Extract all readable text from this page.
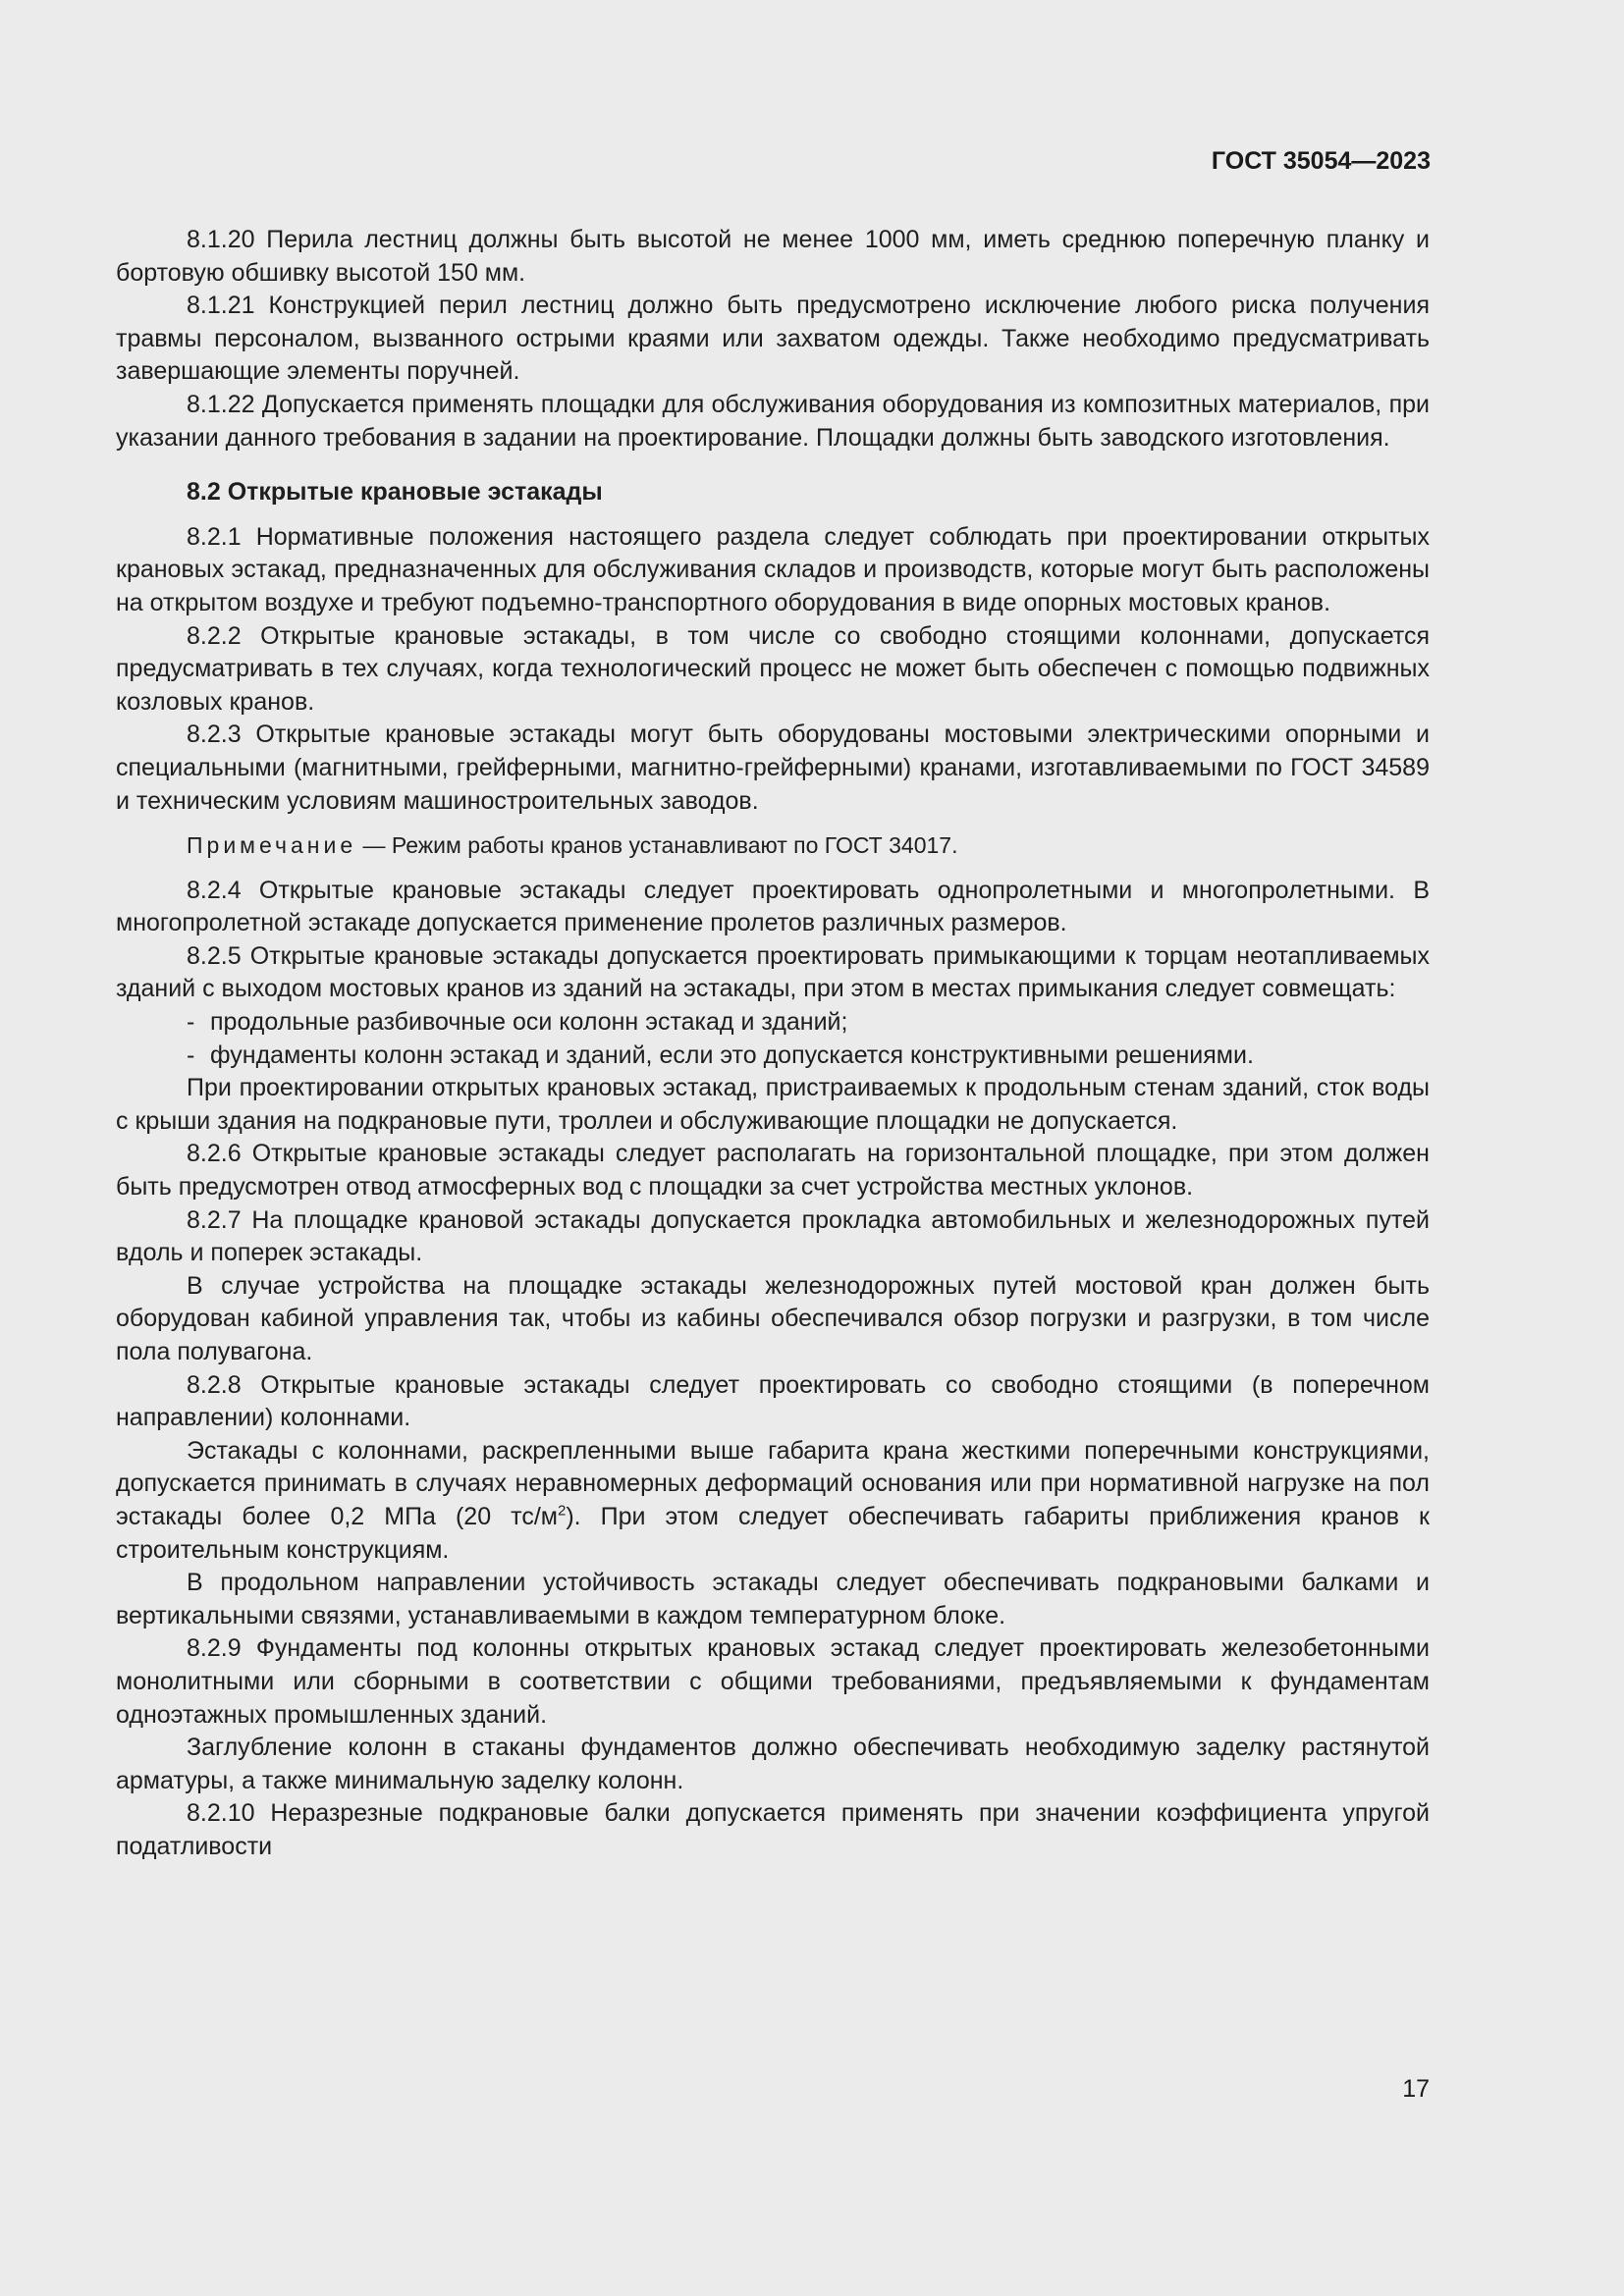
ГОСТ 35054—2023

8.1.20 Перила лестниц должны быть высотой не менее 1000 мм, иметь среднюю поперечную планку и бортовую обшивку высотой 150 мм.

8.1.21 Конструкцией перил лестниц должно быть предусмотрено исключение любого риска получения травмы персоналом, вызванного острыми краями или захватом одежды. Также необходимо предусматривать завершающие элементы поручней.

8.1.22 Допускается применять площадки для обслуживания оборудования из композитных материалов, при указании данного требования в задании на проектирование. Площадки должны быть заводского изготовления.

8.2 Открытые крановые эстакады

8.2.1 Нормативные положения настоящего раздела следует соблюдать при проектировании открытых крановых эстакад, предназначенных для обслуживания складов и производств, которые могут быть расположены на открытом воздухе и требуют подъемно-транспортного оборудования в виде опорных мостовых кранов.

8.2.2 Открытые крановые эстакады, в том числе со свободно стоящими колоннами, допускается предусматривать в тех случаях, когда технологический процесс не может быть обеспечен с помощью подвижных козловых кранов.

8.2.3 Открытые крановые эстакады могут быть оборудованы мостовыми электрическими опорными и специальными (магнитными, грейферными, магнитно-грейферными) кранами, изготавливаемыми по ГОСТ 34589 и техническим условиям машиностроительных заводов.

Примечание — Режим работы кранов устанавливают по ГОСТ 34017.

8.2.4 Открытые крановые эстакады следует проектировать однопролетными и многопролетными. В многопролетной эстакаде допускается применение пролетов различных размеров.

8.2.5 Открытые крановые эстакады допускается проектировать примыкающими к торцам неотапливаемых зданий с выходом мостовых кранов из зданий на эстакады, при этом в местах примыкания следует совмещать:

- продольные разбивочные оси колонн эстакад и зданий;
- фундаменты колонн эстакад и зданий, если это допускается конструктивными решениями.

При проектировании открытых крановых эстакад, пристраиваемых к продольным стенам зданий, сток воды с крыши здания на подкрановые пути, троллеи и обслуживающие площадки не допускается.

8.2.6 Открытые крановые эстакады следует располагать на горизонтальной площадке, при этом должен быть предусмотрен отвод атмосферных вод с площадки за счет устройства местных уклонов.

8.2.7 На площадке крановой эстакады допускается прокладка автомобильных и железнодорожных путей вдоль и поперек эстакады.

В случае устройства на площадке эстакады железнодорожных путей мостовой кран должен быть оборудован кабиной управления так, чтобы из кабины обеспечивался обзор погрузки и разгрузки, в том числе пола полувагона.

8.2.8 Открытые крановые эстакады следует проектировать со свободно стоящими (в поперечном направлении) колоннами.

Эстакады с колоннами, раскрепленными выше габарита крана жесткими поперечными конструкциями, допускается принимать в случаях неравномерных деформаций основания или при нормативной нагрузке на пол эстакады более 0,2 МПа (20 $тс/м^2$). При этом следует обеспечивать габариты приближения кранов к строительным конструкциям.

В продольном направлении устойчивость эстакады следует обеспечивать подкрановыми балками и вертикальными связями, устанавливаемыми в каждом температурном блоке.

8.2.9 Фундаменты под колонны открытых крановых эстакад следует проектировать железобетонными монолитными или сборными в соответствии с общими требованиями, предъявляемыми к фундаментам одноэтажных промышленных зданий.

Заглубление колонн в стаканы фундаментов должно обеспечивать необходимую заделку растянутой арматуры, а также минимальную заделку колонн.

8.2.10 Неразрезные подкрановые балки допускается применять при значении коэффициента упругой податливости

17
